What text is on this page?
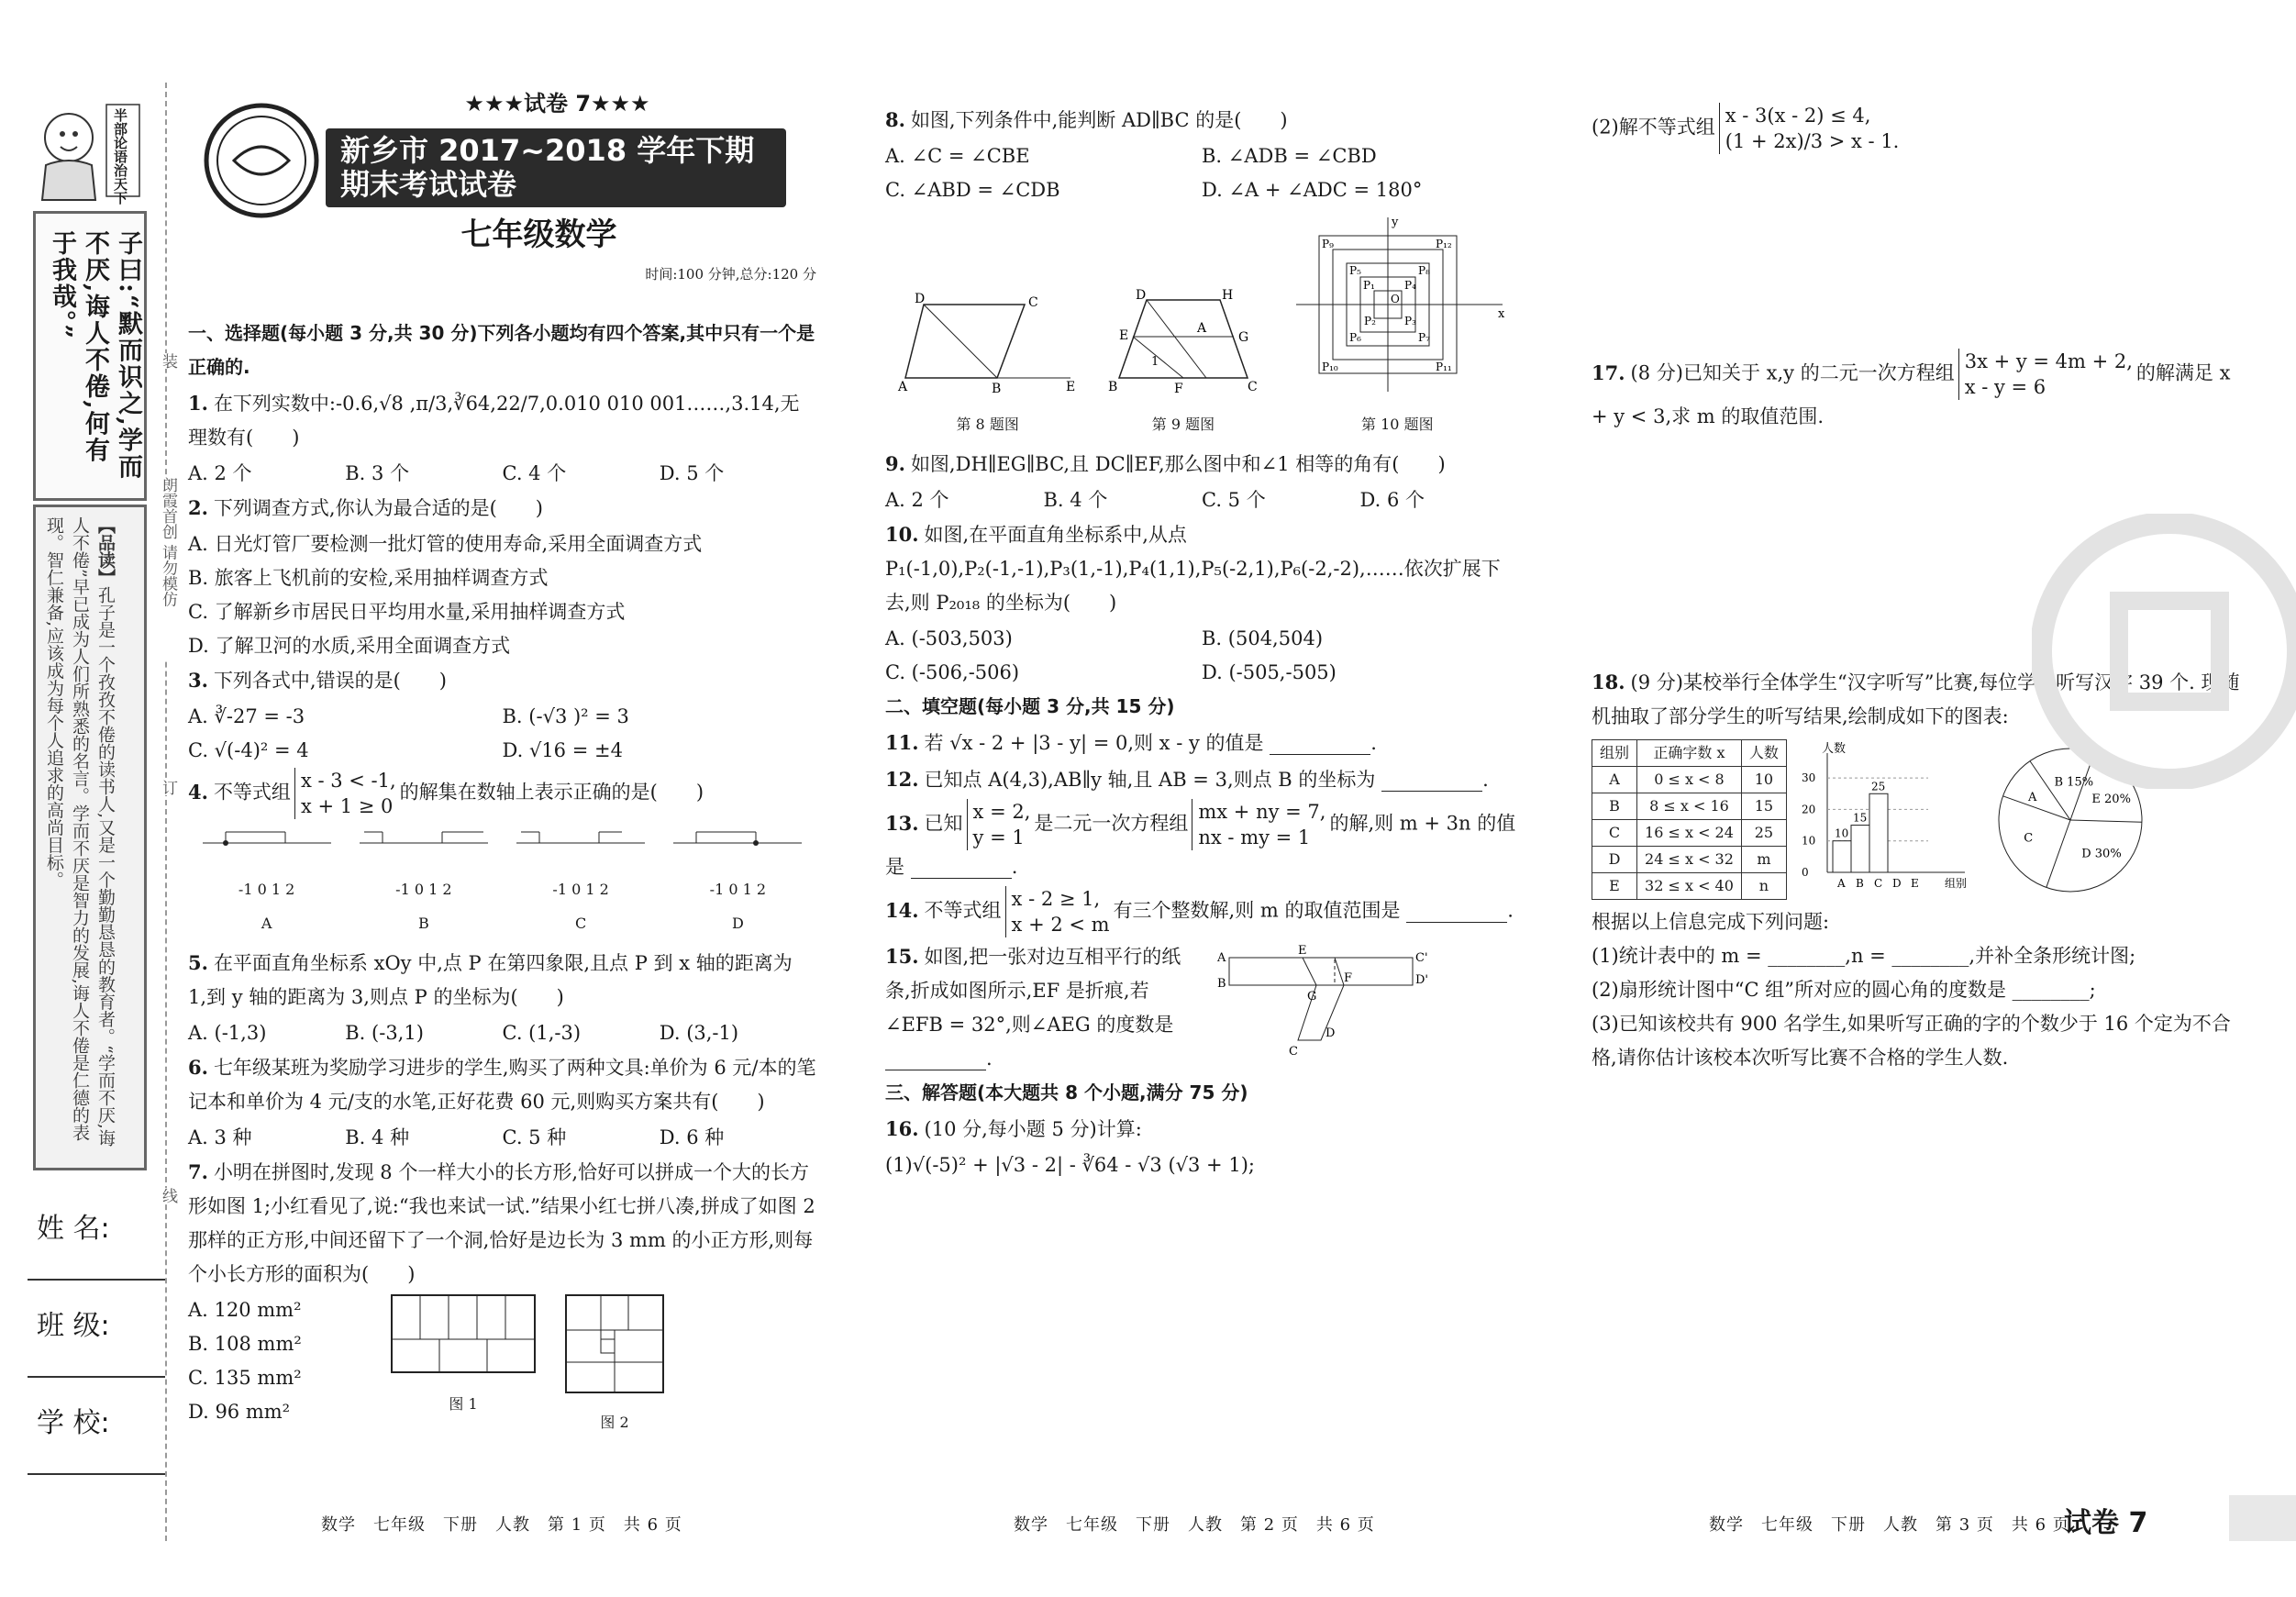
半部论语治天下
子曰:“默而识之,学而不厌,诲人不倦,何有于我哉。”
【品读】孔子是一个孜孜不倦的读书人,又是一个勤勤恳恳的教育者。“学而不厌,诲人不倦”早已成为人们所熟悉的名言。学而不厌是智力的发展,诲人不倦是仁德的表现。智仁兼备,应该成为每个人追求的高尚目标。
姓 名:
班 级:
学 校:
装
朗霞首创 请勿模仿
订
线
★★★试卷 7★★★
新乡市 2017~2018 学年下期期末考试试卷
七年级数学
时间:100 分钟,总分:120 分
一、选择题(每小题 3 分,共 30 分)下列各小题均有四个答案,其中只有一个是正确的.
1. 在下列实数中:-0.6,√8 ,π/3,∛64,22/7,0.010 010 001……,3.14,无理数有(　　)
A. 2 个	B. 3 个	C. 4 个	D. 5 个
2. 下列调查方式,你认为最合适的是(　　)
A. 日光灯管厂要检测一批灯管的使用寿命,采用全面调查方式
B. 旅客上飞机前的安检,采用抽样调查方式
C. 了解新乡市居民日平均用水量,采用抽样调查方式
D. 了解卫河的水质,采用全面调查方式
3. 下列各式中,错误的是(　　)
A. ∛-27 = -3	B. (-√3 )² = 3
C. √(-4)² = 4	D. √16 = ±4
4. 不等式组
x - 3 < -1,
x + 1 ≥ 0
的解集在数轴上表示正确的是(　　)
-1 0 1 2
A
-1 0 1 2
B
-1 0 1 2
C
-1 0 1 2
D
5. 在平面直角坐标系 xOy 中,点 P 在第四象限,且点 P 到 x 轴的距离为 1,到 y 轴的距离为 3,则点 P 的坐标为(　　)
A. (-1,3)	B. (-3,1)	C. (1,-3)	D. (3,-1)
6. 七年级某班为奖励学习进步的学生,购买了两种文具:单价为 6 元/本的笔记本和单价为 4 元/支的水笔,正好花费 60 元,则购买方案共有(　　)
A. 3 种	B. 4 种	C. 5 种	D. 6 种
7. 小明在拼图时,发现 8 个一样大小的长方形,恰好可以拼成一个大的长方形如图 1;小红看见了,说:“我也来试一试.”结果小红七拼八凑,拼成了如图 2 那样的正方形,中间还留下了一个洞,恰好是边长为 3 mm 的小正方形,则每个小长方形的面积为(　　)
A. 120 mm²
B. 108 mm²
C. 135 mm²
D. 96 mm²	图 1
图 2
8. 如图,下列条件中,能判断 AD∥BC 的是(　　)
A. ∠C = ∠CBE	B. ∠ADB = ∠CBD
C. ∠ABD = ∠CDB	D. ∠A + ∠ADC = 180°
D	C
A	B	E
第 8 题图
D	H
E	G
A
1
B	F	C
第 9 题图
x
y
O
P₁
P₂	P₃
P₄
P₅
P₆	P₇
P₈
P₉
P₁₀	P₁₁
P₁₂
第 10 题图
9. 如图,DH∥EG∥BC,且 DC∥EF,那么图中和∠1 相等的角有(　　)
A. 2 个	B. 4 个	C. 5 个	D. 6 个
10. 如图,在平面直角坐标系中,从点 P₁(-1,0),P₂(-1,-1),P₃(1,-1),P₄(1,1),P₅(-2,1),P₆(-2,-2),……依次扩展下去,则 P₂₀₁₈ 的坐标为(　　)
A. (-503,503)	B. (504,504)
C. (-506,-506)	D. (-505,-505)
二、填空题(每小题 3 分,共 15 分)
11. 若 √x - 2 + |3 - y| = 0,则 x - y 的值是	.
12. 已知点 A(4,3),AB∥y 轴,且 AB = 3,则点 B 的坐标为	.
13. 已知
x = 2,
y = 1
是二元一次方程组
mx + ny = 7,
nx - my = 1
的解,则 m + 3n 的值是	.
14. 不等式组
x - 2 ≥ 1,
x + 2 < m
有三个整数解,则 m 的取值范围是	.
15. 如图,把一张对边互相平行的纸条,折成如图所示,EF 是折痕,若∠EFB = 32°,则∠AEG 的度数是 .
A
B
E
C'
D'
F
G
C
D
三、解答题(本大题共 8 个小题,满分 75 分)
16. (10 分,每小题 5 分)计算:
(1)√(-5)² + |√3 - 2| - ∛64 - √3 (√3 + 1);
(2)解不等式组
x - 3(x - 2) ≤ 4,
(1 + 2x)/3 > x - 1.
17. (8 分)已知关于 x,y 的二元一次方程组
3x + y = 4m + 2,
x - y = 6
的解满足 x + y < 3,求 m 的取值范围.
18. (9 分)某校举行全体学生“汉字听写”比赛,每位学生听写汉字 39 个. 现随机抽取了部分学生的听写结果,绘制成如下的图表:
组别	正确字数 x	人数
A	0 ≤ x < 8	10
B	8 ≤ x < 16	15
C	16 ≤ x < 24	25
D	24 ≤ x < 32	m
E	32 ≤ x < 40	n
人数
组别
0
10
20
30
A
10
B
15
C
25
D E
B 15%
E 20%
D 30%
C
A
根据以上信息完成下列问题:
(1)统计表中的 m = ________,n = ________,并补全条形统计图;
(2)扇形统计图中“C 组”所对应的圆心角的度数是 ________;
(3)已知该校共有 900 名学生,如果听写正确的字的个数少于 16 个定为不合格,请你估计该校本次听写比赛不合格的学生人数.
数学　七年级　下册　人教　第 1 页　共 6 页	数学　七年级　下册　人教　第 2 页　共 6 页	数学　七年级　下册　人教　第 3 页　共 6 页
试卷 7
